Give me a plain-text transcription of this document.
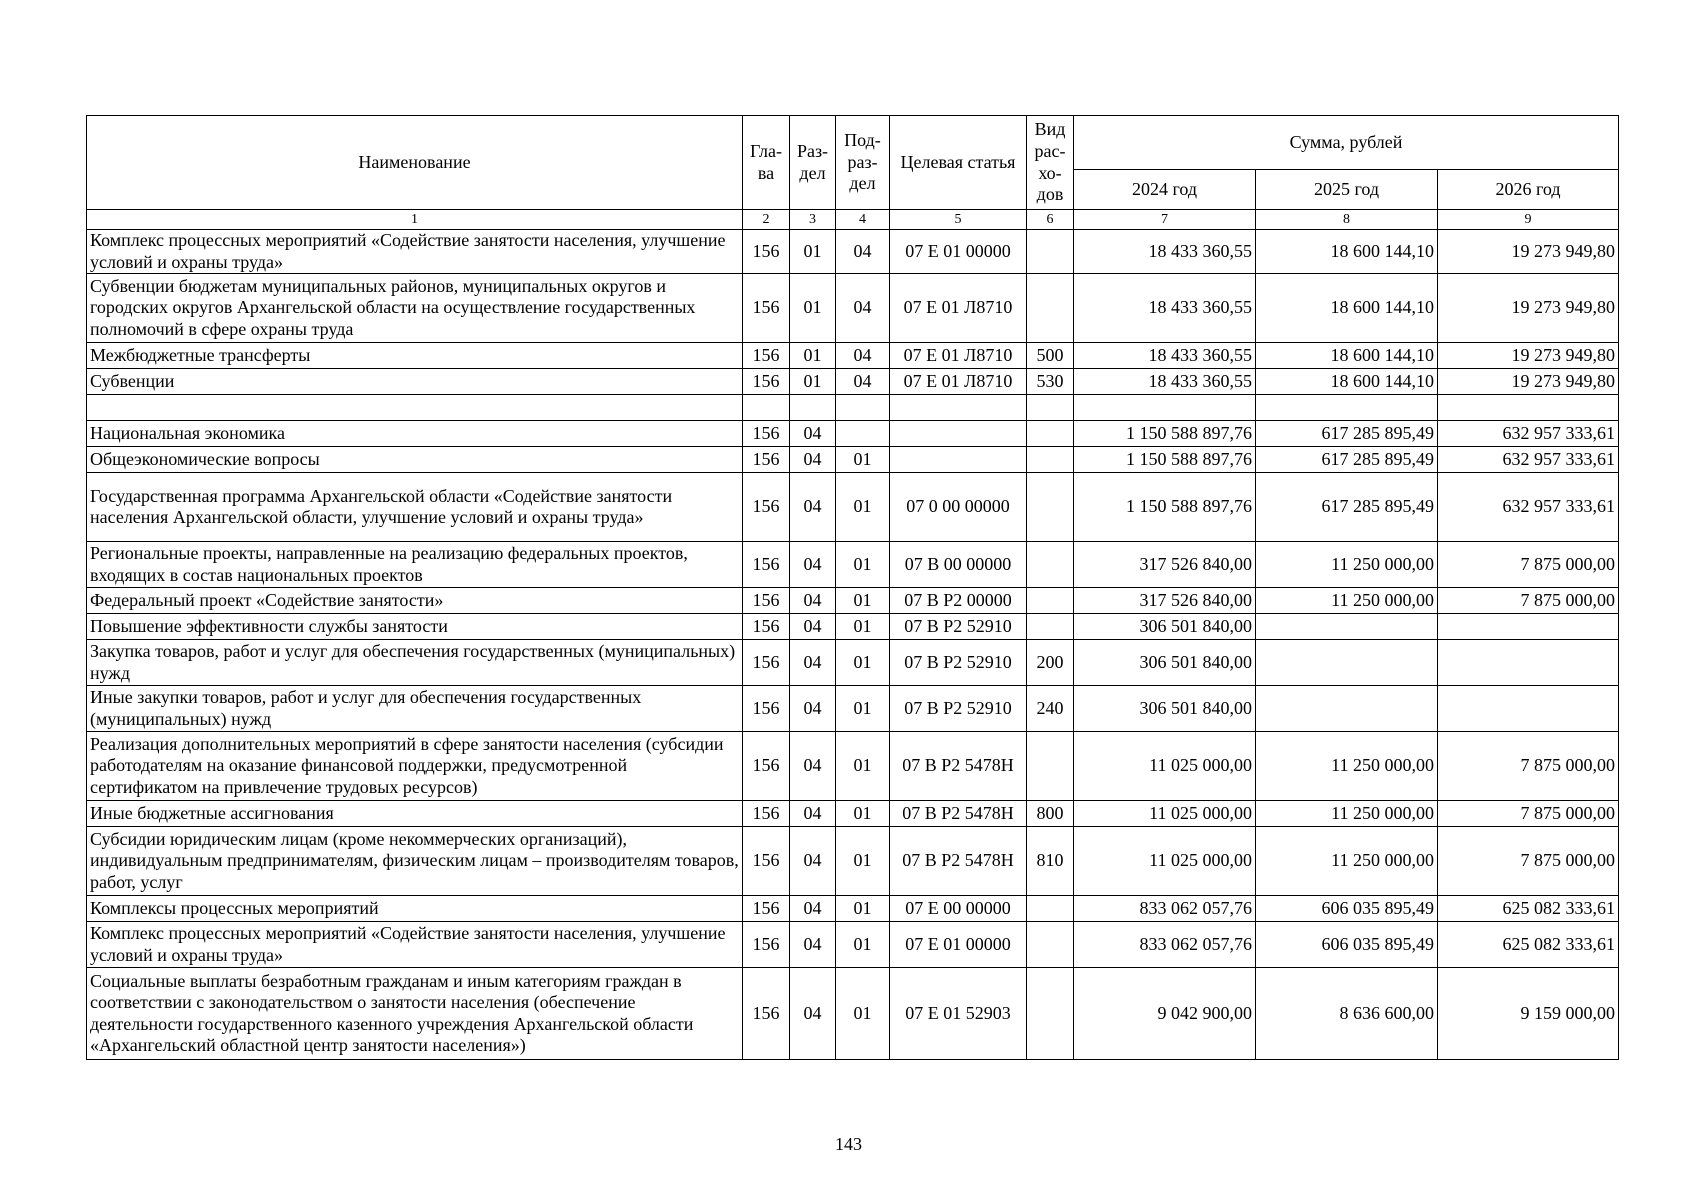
Наименование	Гла-ва	Раз-дел	Под-раз-дел	Целевая статья	Вид рас-хо-дов	Сумма, рублей		
						2024 год	2025 год	2026 год
1	2	3	4	5	6	7	8	9
Комплекс процессных мероприятий «Содействие занятости населения, улучшение условий и охраны труда»	156	01	04	07 Е 01 00000		18 433 360,55	18 600 144,10	19 273 949,80
Субвенции бюджетам муниципальных районов, муниципальных округов и городских округов Архангельской области на осуществление государственных полномочий в сфере охраны труда	156	01	04	07 Е 01 Л8710		18 433 360,55	18 600 144,10	19 273 949,80
Межбюджетные трансферты	156	01	04	07 Е 01 Л8710	500	18 433 360,55	18 600 144,10	19 273 949,80
Субвенции	156	01	04	07 Е 01 Л8710	530	18 433 360,55	18 600 144,10	19 273 949,80

Национальная экономика	156	04				1 150 588 897,76	617 285 895,49	632 957 333,61
Общеэкономические вопросы	156	04	01			1 150 588 897,76	617 285 895,49	632 957 333,61
Государственная программа Архангельской области «Содействие занятости населения Архангельской области, улучшение условий и охраны труда»	156	04	01	07 0 00 00000		1 150 588 897,76	617 285 895,49	632 957 333,61
Региональные проекты, направленные на реализацию федеральных проектов, входящих в состав национальных проектов	156	04	01	07 В 00 00000		317 526 840,00	11 250 000,00	7 875 000,00
Федеральный проект «Содействие занятости»	156	04	01	07 В Р2 00000		317 526 840,00	11 250 000,00	7 875 000,00
Повышение эффективности службы занятости	156	04	01	07 В Р2 52910		306 501 840,00		
Закупка товаров, работ и услуг для обеспечения государственных (муниципальных) нужд	156	04	01	07 В Р2 52910	200	306 501 840,00		
Иные закупки товаров, работ и услуг для обеспечения государственных (муниципальных) нужд	156	04	01	07 В Р2 52910	240	306 501 840,00		
Реализация дополнительных мероприятий в сфере занятости населения (субсидии работодателям на оказание финансовой поддержки, предусмотренной сертификатом на привлечение трудовых ресурсов)	156	04	01	07 В Р2 5478Н		11 025 000,00	11 250 000,00	7 875 000,00
Иные бюджетные ассигнования	156	04	01	07 В Р2 5478Н	800	11 025 000,00	11 250 000,00	7 875 000,00
Субсидии юридическим лицам (кроме некоммерческих организаций), индивидуальным предпринимателям, физическим лицам – производителям товаров, работ, услуг	156	04	01	07 В Р2 5478Н	810	11 025 000,00	11 250 000,00	7 875 000,00
Комплексы процессных мероприятий	156	04	01	07 Е 00 00000		833 062 057,76	606 035 895,49	625 082 333,61
Комплекс процессных мероприятий «Содействие занятости населения, улучшение условий и охраны труда»	156	04	01	07 Е 01 00000		833 062 057,76	606 035 895,49	625 082 333,61
Социальные выплаты безработным гражданам и иным категориям граждан в соответствии с законодательством о занятости населения (обеспечение деятельности государственного казенного учреждения Архангельской области «Архангельский областной центр занятости населения»)	156	04	01	07 Е 01 52903		9 042 900,00	8 636 600,00	9 159 000,00
143
